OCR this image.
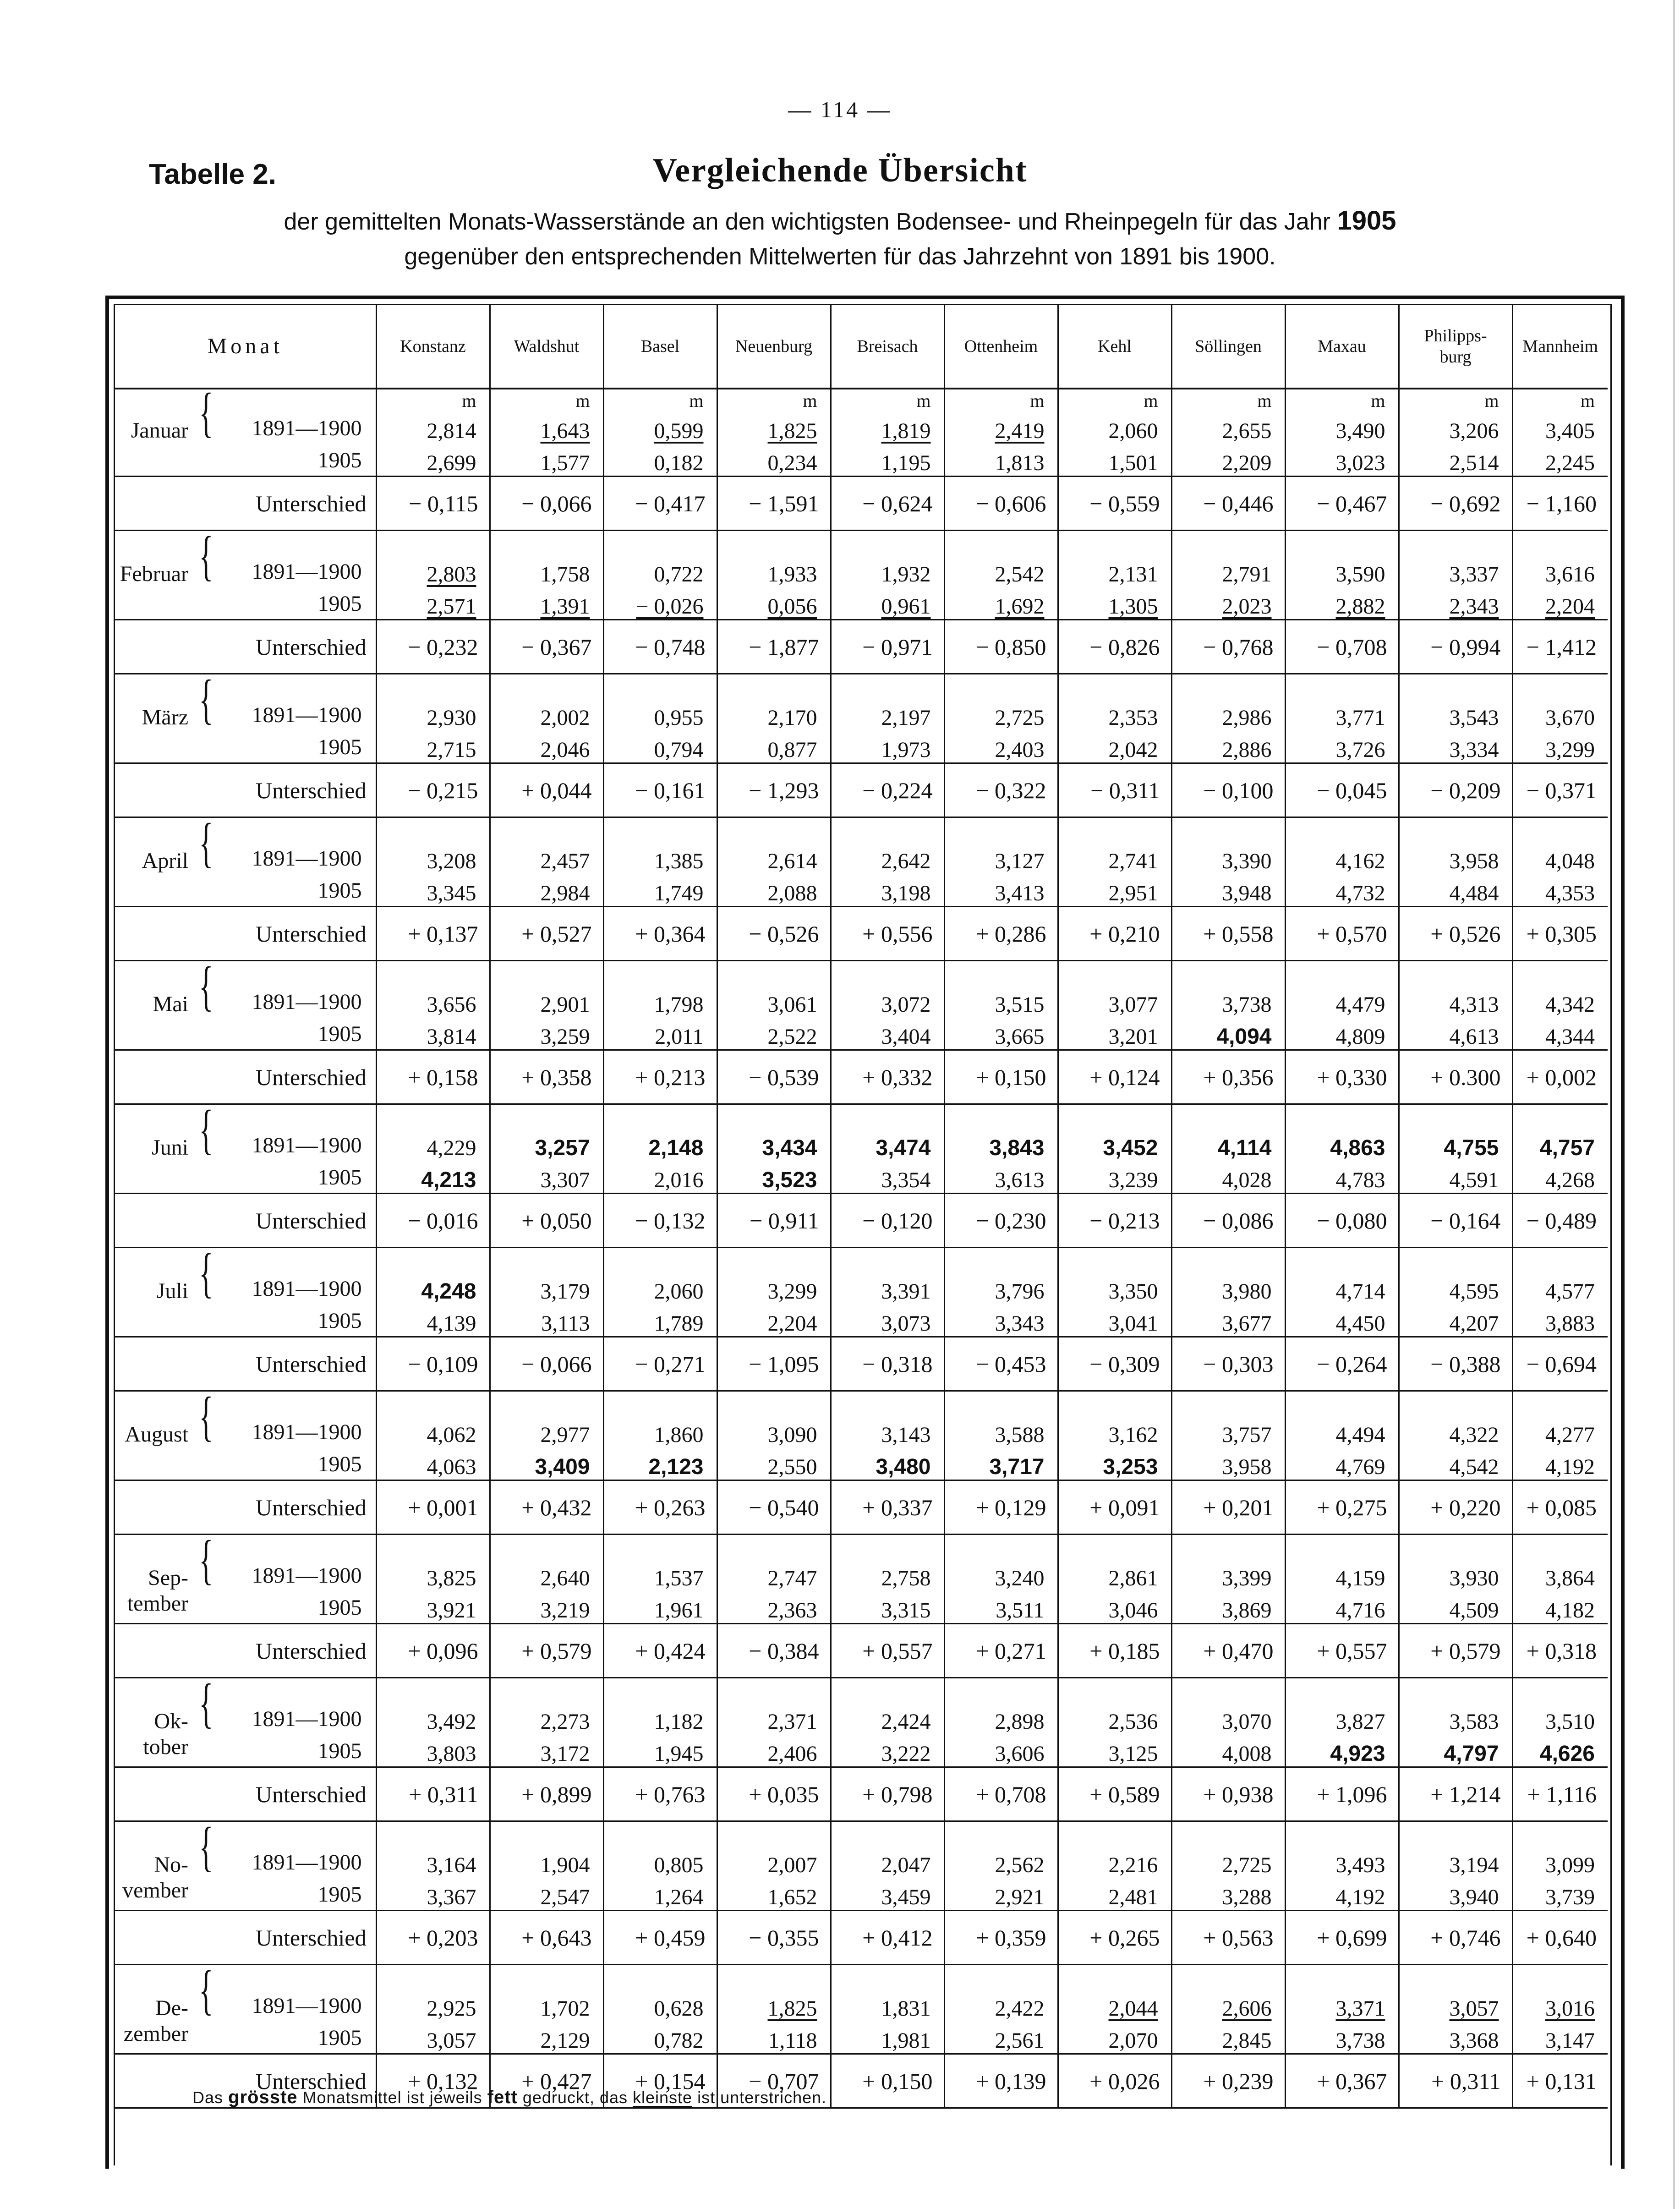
— 114 —
Tabelle 2.	Vergleichende Übersicht
der gemittelten Monats-Wasserstände an den wichtigsten Bodensee- und Rheinpegeln für das Jahr 1905
gegenüber den entsprechenden Mittelwerten für das Jahrzehnt von 1891 bis 1900.
Monat	Konstanz	Waldshut	Basel	Neuenburg	Breisach	Ottenheim	Kehl	Söllingen	Maxau	Philipps-
burg	Mannheim
	m	m	m	m	m	m	m	m	m	m	m

Januar { 1891—1900	2,814	1,643	0,599	1,825	1,819	2,419	2,060	2,655	3,490	3,206	3,405

1905	2,699	1,577	0,182	0,234	1,195	1,813	1,501	2,209	3,023	2,514	2,245
Unterschied	− 0,115	− 0,066	− 0,417	− 1,591	− 0,624	− 0,606	− 0,559	− 0,446	− 0,467	− 0,692	− 1,160

Februar { 1891—1900	2,803	1,758	0,722	1,933	1,932	2,542	2,131	2,791	3,590	3,337	3,616

1905	2,571	1,391	− 0,026	0,056	0,961	1,692	1,305	2,023	2,882	2,343	2,204
Unterschied	− 0,232	− 0,367	− 0,748	− 1,877	− 0,971	− 0,850	− 0,826	− 0,768	− 0,708	− 0,994	− 1,412

März { 1891—1900	2,930	2,002	0,955	2,170	2,197	2,725	2,353	2,986	3,771	3,543	3,670

1905	2,715	2,046	0,794	0,877	1,973	2,403	2,042	2,886	3,726	3,334	3,299
Unterschied	− 0,215	+ 0,044	− 0,161	− 1,293	− 0,224	− 0,322	− 0,311	− 0,100	− 0,045	− 0,209	− 0,371

April { 1891—1900	3,208	2,457	1,385	2,614	2,642	3,127	2,741	3,390	4,162	3,958	4,048

1905	3,345	2,984	1,749	2,088	3,198	3,413	2,951	3,948	4,732	4,484	4,353
Unterschied	+ 0,137	+ 0,527	+ 0,364	− 0,526	+ 0,556	+ 0,286	+ 0,210	+ 0,558	+ 0,570	+ 0,526	+ 0,305

Mai { 1891—1900	3,656	2,901	1,798	3,061	3,072	3,515	3,077	3,738	4,479	4,313	4,342

1905	3,814	3,259	2,011	2,522	3,404	3,665	3,201	4,094	4,809	4,613	4,344
Unterschied	+ 0,158	+ 0,358	+ 0,213	− 0,539	+ 0,332	+ 0,150	+ 0,124	+ 0,356	+ 0,330	+ 0.300	+ 0,002

Juni { 1891—1900	4,229	3,257	2,148	3,434	3,474	3,843	3,452	4,114	4,863	4,755	4,757

1905	4,213	3,307	2,016	3,523	3,354	3,613	3,239	4,028	4,783	4,591	4,268
Unterschied	− 0,016	+ 0,050	− 0,132	− 0,911	− 0,120	− 0,230	− 0,213	− 0,086	− 0,080	− 0,164	− 0,489

Juli { 1891—1900	4,248	3,179	2,060	3,299	3,391	3,796	3,350	3,980	4,714	4,595	4,577

1905	4,139	3,113	1,789	2,204	3,073	3,343	3,041	3,677	4,450	4,207	3,883
Unterschied	− 0,109	− 0,066	− 0,271	− 1,095	− 0,318	− 0,453	− 0,309	− 0,303	− 0,264	− 0,388	− 0,694

August { 1891—1900	4,062	2,977	1,860	3,090	3,143	3,588	3,162	3,757	4,494	4,322	4,277

1905	4,063	3,409	2,123	2,550	3,480	3,717	3,253	3,958	4,769	4,542	4,192
Unterschied	+ 0,001	+ 0,432	+ 0,263	− 0,540	+ 0,337	+ 0,129	+ 0,091	+ 0,201	+ 0,275	+ 0,220	+ 0,085

Sep-
tember
{ 1891—1900	3,825	2,640	1,537	2,747	2,758	3,240	2,861	3,399	4,159	3,930	3,864

1905	3,921	3,219	1,961	2,363	3,315	3,511	3,046	3,869	4,716	4,509	4,182
Unterschied	+ 0,096	+ 0,579	+ 0,424	− 0,384	+ 0,557	+ 0,271	+ 0,185	+ 0,470	+ 0,557	+ 0,579	+ 0,318

Ok-
tober
{ 1891—1900	3,492	2,273	1,182	2,371	2,424	2,898	2,536	3,070	3,827	3,583	3,510

1905	3,803	3,172	1,945	2,406	3,222	3,606	3,125	4,008	4,923	4,797	4,626
Unterschied	+ 0,311	+ 0,899	+ 0,763	+ 0,035	+ 0,798	+ 0,708	+ 0,589	+ 0,938	+ 1,096	+ 1,214	+ 1,116

No-
vember
{ 1891—1900	3,164	1,904	0,805	2,007	2,047	2,562	2,216	2,725	3,493	3,194	3,099

1905	3,367	2,547	1,264	1,652	3,459	2,921	2,481	3,288	4,192	3,940	3,739
Unterschied	+ 0,203	+ 0,643	+ 0,459	− 0,355	+ 0,412	+ 0,359	+ 0,265	+ 0,563	+ 0,699	+ 0,746	+ 0,640

De-
zember
{ 1891—1900	2,925	1,702	0,628	1,825	1,831	2,422	2,044	2,606	3,371	3,057	3,016

1905	3,057	2,129	0,782	1,118	1,981	2,561	2,070	2,845	3,738	3,368	3,147
Unterschied	+ 0,132	+ 0,427	+ 0,154	− 0,707	+ 0,150	+ 0,139	+ 0,026	+ 0,239	+ 0,367	+ 0,311	+ 0,131
Das grösste Monatsmittel ist jeweils fett gedruckt, das kleinste ist unterstrichen.
